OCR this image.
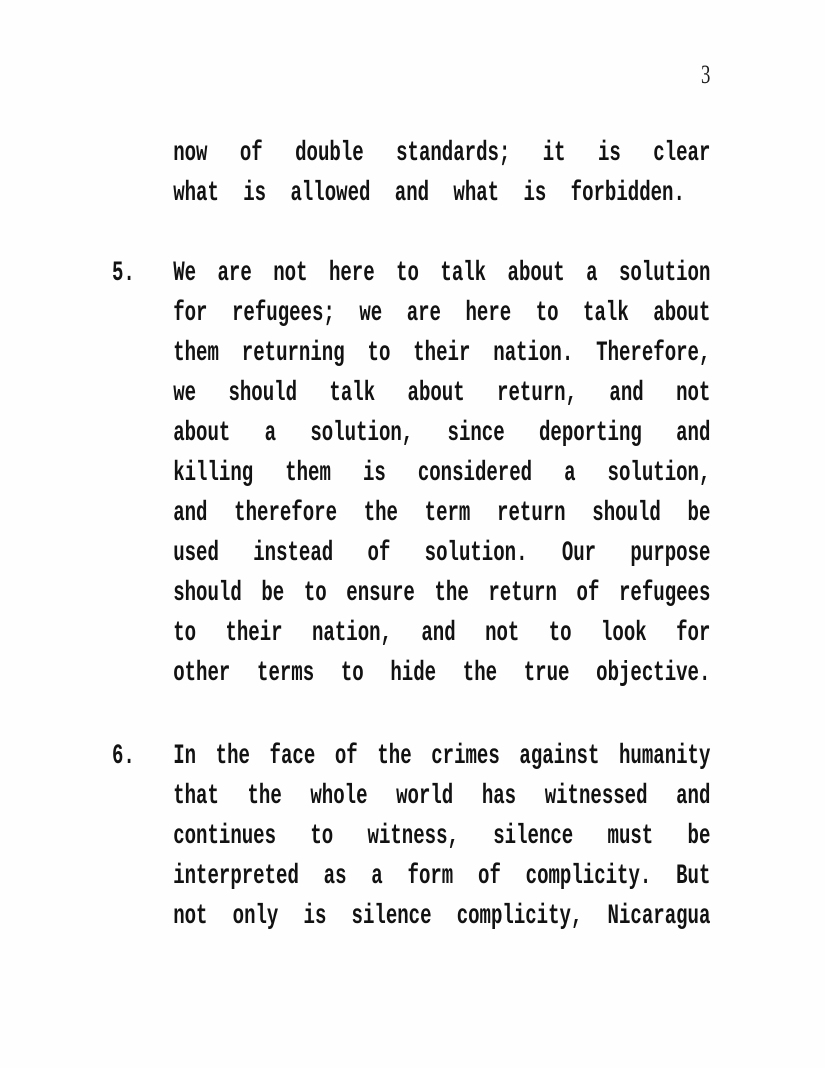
3
now of double standards; it is clear
what is allowed and what is forbidden.
5. We are not here to talk about a solution
for refugees; we are here to talk about
them returning to their nation. Therefore,
we should talk about return, and not
about a solution, since deporting and
killing them is considered a solution,
and therefore the term return should be
used instead of solution. Our purpose
should be to ensure the return of refugees
to their nation, and not to look for
other terms to hide the true objective.
6. In the face of the crimes against humanity
that the whole world has witnessed and
continues to witness, silence must be
interpreted as a form of complicity. But
not only is silence complicity, Nicaragua
